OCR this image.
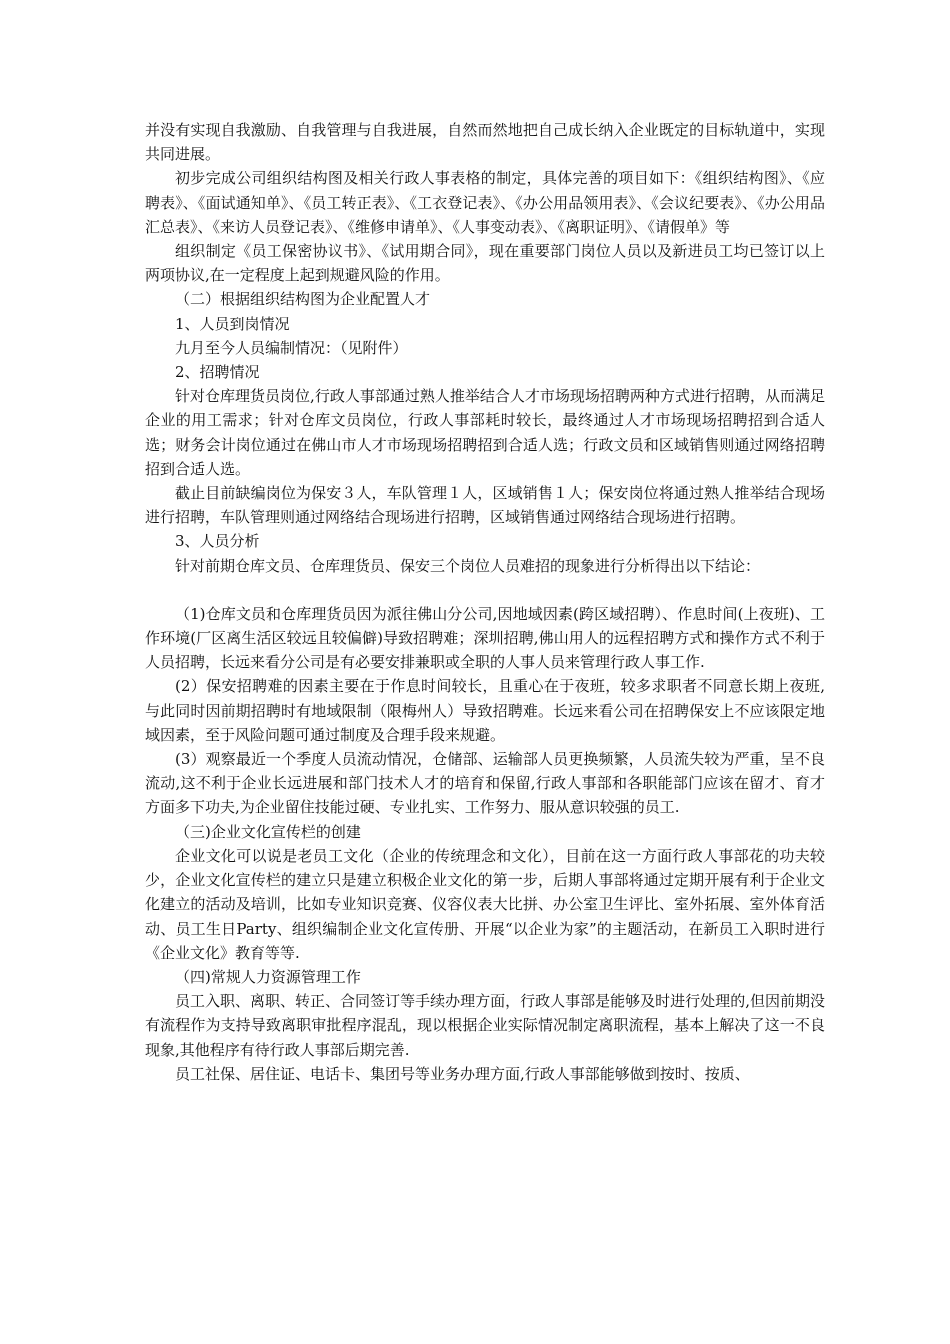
并没有实现自我激励、自我管理与自我进展，自然而然地把自己成长纳入企业既定的目标轨道中，实现共同进展。

初步完成公司组织结构图及相关行政人事表格的制定，具体完善的项目如下：《组织结构图》、《应聘表》、《面试通知单》、《员工转正表》、《工衣登记表》、《办公用品领用表》、《会议纪要表》、《办公用品汇总表》、《来访人员登记表》、《维修申请单》、《人事变动表》、《离职证明》、《请假单》等

组织制定《员工保密协议书》、《试用期合同》，现在重要部门岗位人员以及新进员工均已签订以上两项协议,在一定程度上起到规避风险的作用。

（二）根据组织结构图为企业配置人才

1、人员到岗情况

九月至今人员编制情况：（见附件）

2、招聘情况

针对仓库理货员岗位,行政人事部通过熟人推举结合人才市场现场招聘两种方式进行招聘，从而满足企业的用工需求；针对仓库文员岗位，行政人事部耗时较长，最终通过人才市场现场招聘招到合适人选；财务会计岗位通过在佛山市人才市场现场招聘招到合适人选；行政文员和区域销售则通过网络招聘招到合适人选。

截止目前缺编岗位为保安３人，车队管理１人，区域销售１人；保安岗位将通过熟人推举结合现场进行招聘，车队管理则通过网络结合现场进行招聘，区域销售通过网络结合现场进行招聘。

3、人员分析

针对前期仓库文员、仓库理货员、保安三个岗位人员难招的现象进行分析得出以下结论：

（1)仓库文员和仓库理货员因为派往佛山分公司,因地域因素(跨区域招聘）、作息时间(上夜班)、工作环境(厂区离生活区较远且较偏僻)导致招聘难；深圳招聘,佛山用人的远程招聘方式和操作方式不利于人员招聘，长远来看分公司是有必要安排兼职或全职的人事人员来管理行政人事工作.

(2）保安招聘难的因素主要在于作息时间较长，且重心在于夜班，较多求职者不同意长期上夜班,与此同时因前期招聘时有地域限制（限梅州人）导致招聘难。长远来看公司在招聘保安上不应该限定地域因素，至于风险问题可通过制度及合理手段来规避。

(3）观察最近一个季度人员流动情况，仓储部、运输部人员更换频繁，人员流失较为严重，呈不良流动,这不利于企业长远进展和部门技术人才的培育和保留,行政人事部和各职能部门应该在留才、育才方面多下功夫,为企业留住技能过硬、专业扎实、工作努力、服从意识较强的员工.

（三)企业文化宣传栏的创建

企业文化可以说是老员工文化（企业的传统理念和文化），目前在这一方面行政人事部花的功夫较少，企业文化宣传栏的建立只是建立积极企业文化的第一步，后期人事部将通过定期开展有利于企业文化建立的活动及培训，比如专业知识竞赛、仪容仪表大比拼、办公室卫生评比、室外拓展、室外体育活动、员工生日Party、组织编制企业文化宣传册、开展“以企业为家”的主题活动，在新员工入职时进行《企业文化》教育等等.

（四)常规人力资源管理工作

员工入职、离职、转正、合同签订等手续办理方面，行政人事部是能够及时进行处理的,但因前期没有流程作为支持导致离职审批程序混乱，现以根据企业实际情况制定离职流程，基本上解决了这一不良现象,其他程序有待行政人事部后期完善.

员工社保、居住证、电话卡、集团号等业务办理方面,行政人事部能够做到按时、按质、
